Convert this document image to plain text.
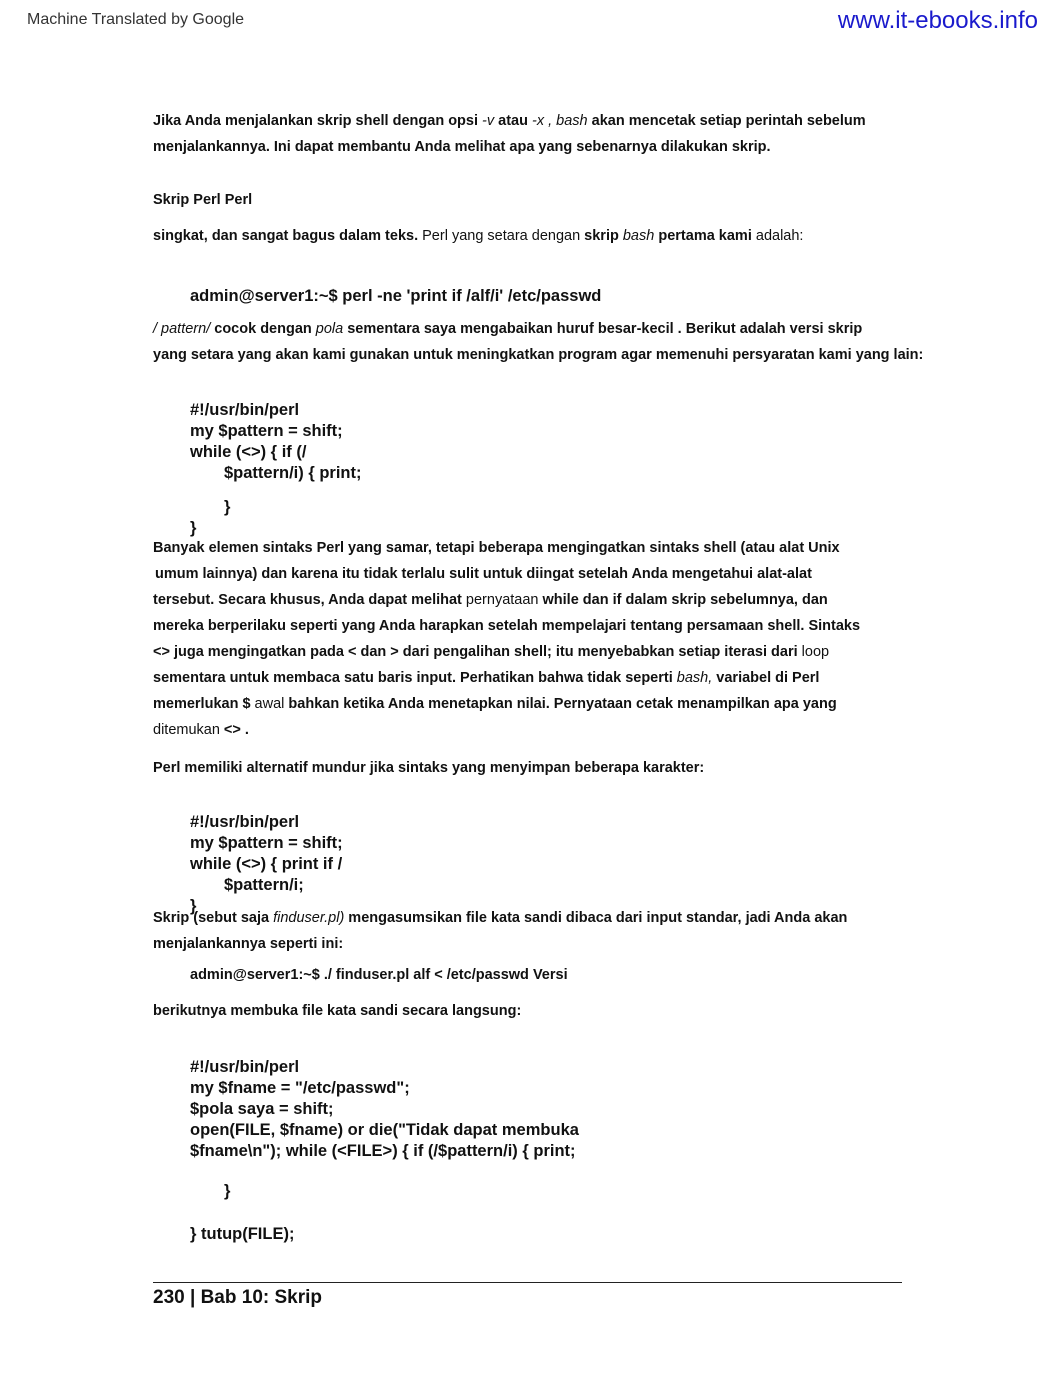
Machine Translated by Google	www.it-ebooks.info
Jika Anda menjalankan skrip shell dengan opsi -v atau -x , bash akan mencetak setiap perintah sebelum
menjalankannya. Ini dapat membantu Anda melihat apa yang sebenarnya dilakukan skrip.
Skrip Perl Perl
singkat, dan sangat bagus dalam teks. Perl yang setara dengan skrip bash pertama kami adalah:
admin@server1:~$ perl -ne 'print if /alf/i' /etc/passwd
/ pattern/ cocok dengan pola sementara saya mengabaikan huruf besar-kecil . Berikut adalah versi skrip
yang setara yang akan kami gunakan untuk meningkatkan program agar memenuhi persyaratan kami yang lain:

#!/usr/bin/perl
my $pattern = shift;
while (<>) { if (/
$pattern/i) { print;
}
}

Banyak elemen sintaks Perl yang samar, tetapi beberapa mengingatkan sintaks shell (atau alat Unix
umum lainnya) dan karena itu tidak terlalu sulit untuk diingat setelah Anda mengetahui alat-alat
tersebut. Secara khusus, Anda dapat melihat pernyataan while dan if dalam skrip sebelumnya, dan
mereka berperilaku seperti yang Anda harapkan setelah mempelajari tentang persamaan shell. Sintaks
<> juga mengingatkan pada < dan > dari pengalihan shell; itu menyebabkan setiap iterasi dari loop
sementara untuk membaca satu baris input. Perhatikan bahwa tidak seperti bash, variabel di Perl
memerlukan $ awal bahkan ketika Anda menetapkan nilai. Pernyataan cetak menampilkan apa yang
ditemukan <> .
Perl memiliki alternatif mundur jika sintaks yang menyimpan beberapa karakter:

#!/usr/bin/perl
my $pattern = shift;
while (<>) { print if /
$pattern/i;
}

Skrip (sebut saja finduser.pl) mengasumsikan file kata sandi dibaca dari input standar, jadi Anda akan
menjalankannya seperti ini:
admin@server1:~$ ./ finduser.pl alf < /etc/passwd Versi
berikutnya membuka file kata sandi secara langsung:

#!/usr/bin/perl
my $fname = "/etc/passwd";
$pola saya = shift;
open(FILE, $fname) or die("Tidak dapat membuka
$fname\n"); while (<FILE>) { if (/$pattern/i) { print;

}
} tutup(FILE);
230 | Bab 10: Skrip
